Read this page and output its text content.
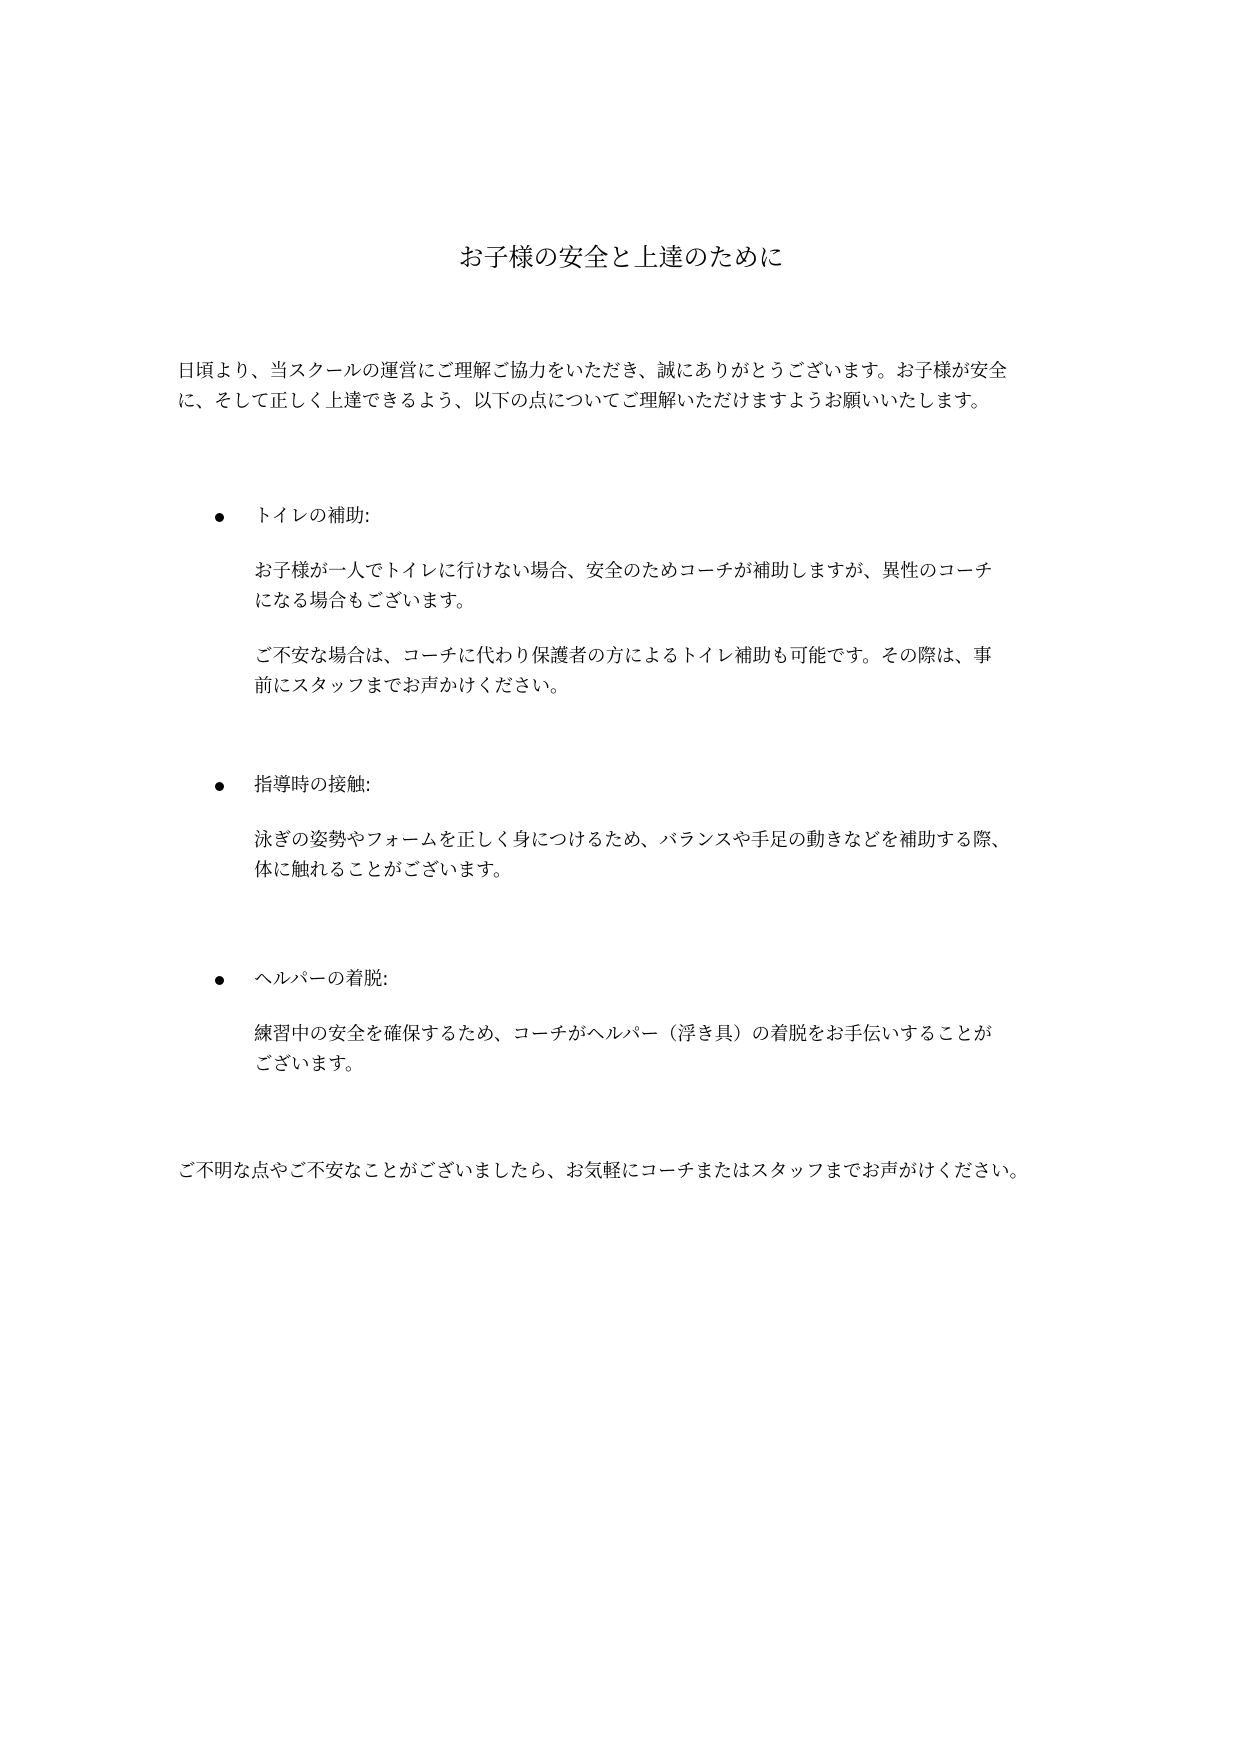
お子様の安全と上達のために

日頃より、当スクールの運営にご理解ご協力をいただき、誠にありがとうございます。お子様が安全

に、そして正しく上達できるよう、以下の点についてご理解いただけますようお願いいたします。

トイレの補助:
お子様が一人でトイレに行けない場合、安全のためコーチが補助しますが、異性のコーチ
になる場合もございます。
ご不安な場合は、コーチに代わり保護者の方によるトイレ補助も可能です。その際は、事
前にスタッフまでお声かけください。
指導時の接触:
泳ぎの姿勢やフォームを正しく身につけるため、バランスや手足の動きなどを補助する際、
体に触れることがございます。
ヘルパーの着脱:
練習中の安全を確保するため、コーチがヘルパー（浮き具）の着脱をお手伝いすることが
ございます。
ご不明な点やご不安なことがございましたら、お気軽にコーチまたはスタッフまでお声がけください。
